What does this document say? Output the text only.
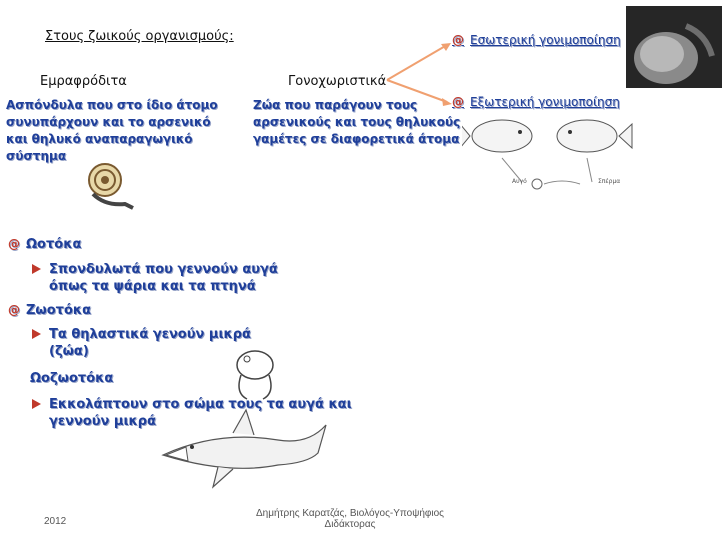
Στους ζωικούς οργανισμούς:
Εμραφρόδιτα	Γονοχωριστικά
@ Εσωτερική γονιμοποίηση
@ Εξωτερική γονιμοποίηση
Ασπόνδυλα που στο ίδιο άτομο
συνυπάρχουν και το αρσενικό
και θηλυκό αναπαραγωγικό
σύστημα
Ζώα που παράγουν τους
αρσενικούς και τους θηλυκούς
γαμέτες σε διαφορετικά άτομα
Αυγό	Σπέρμα
@ Ωοτόκα
Σπονδυλωτά που γεννούν αυγά
όπως τα ψάρια και τα πτηνά
@ Ζωοτόκα
Τα θηλαστικά γενούν μικρά
(ζώα)
Ωοζωοτόκα
Εκκολάπτουν στο σώμα τους τα αυγά και
γεννούν μικρά
2012
Δημήτρης Καρατζάς, Βιολόγος-Υποψήφιος
Διδάκτορας
